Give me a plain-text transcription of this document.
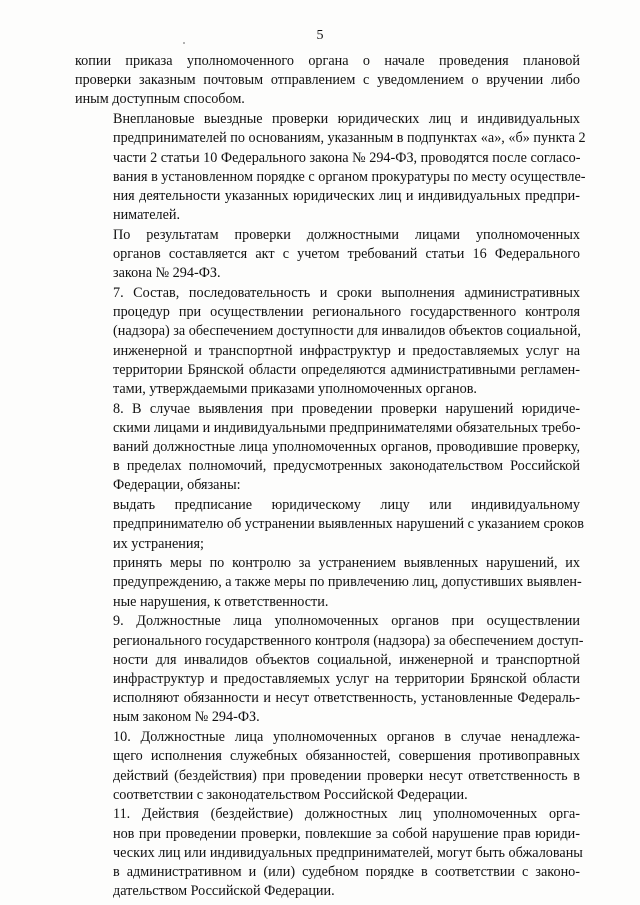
5
копии приказа уполномоченного органа о начале проведения плановой
проверки заказным почтовым отправлением с уведомлением о вручении либо
иным доступным способом.
Внеплановые выездные проверки юридических лиц и индивидуальных
предпринимателей по основаниям, указанным в подпунктах «а», «б» пункта 2
части 2 статьи 10 Федерального закона № 294-ФЗ, проводятся после согласо-
вания в установленном порядке с органом прокуратуры по месту осуществле-
ния деятельности указанных юридических лиц и индивидуальных предпри-
нимателей.
По результатам проверки должностными лицами уполномоченных
органов составляется акт с учетом требований статьи 16 Федерального
закона № 294-ФЗ.
7. Состав, последовательность и сроки выполнения административных
процедур при осуществлении регионального государственного контроля
(надзора) за обеспечением доступности для инвалидов объектов социальной,
инженерной и транспортной инфраструктур и предоставляемых услуг на
территории Брянской области определяются административными регламен-
тами, утверждаемыми приказами уполномоченных органов.
8. В случае выявления при проведении проверки нарушений юридиче-
скими лицами и индивидуальными предпринимателями обязательных требо-
ваний должностные лица уполномоченных органов, проводившие проверку,
в пределах полномочий, предусмотренных законодательством Российской
Федерации, обязаны:
выдать предписание юридическому лицу или индивидуальному
предпринимателю об устранении выявленных нарушений с указанием сроков
их устранения;
принять меры по контролю за устранением выявленных нарушений, их
предупреждению, а также меры по привлечению лиц, допустивших выявлен-
ные нарушения, к ответственности.
9. Должностные лица уполномоченных органов при осуществлении
регионального государственного контроля (надзора) за обеспечением доступ-
ности для инвалидов объектов социальной, инженерной и транспортной
инфраструктур и предоставляемых услуг на территории Брянской области
исполняют обязанности и несут ответственность, установленные Федераль-
ным законом № 294-ФЗ.
10. Должностные лица уполномоченных органов в случае ненадлежа-
щего исполнения служебных обязанностей, совершения противоправных
действий (бездействия) при проведении проверки несут ответственность в
соответствии с законодательством Российской Федерации.
11. Действия (бездействие) должностных лиц уполномоченных орга-
нов при проведении проверки, повлекшие за собой нарушение прав юриди-
ческих лиц или индивидуальных предпринимателей, могут быть обжалованы
в административном и (или) судебном порядке в соответствии с законо-
дательством Российской Федерации.
